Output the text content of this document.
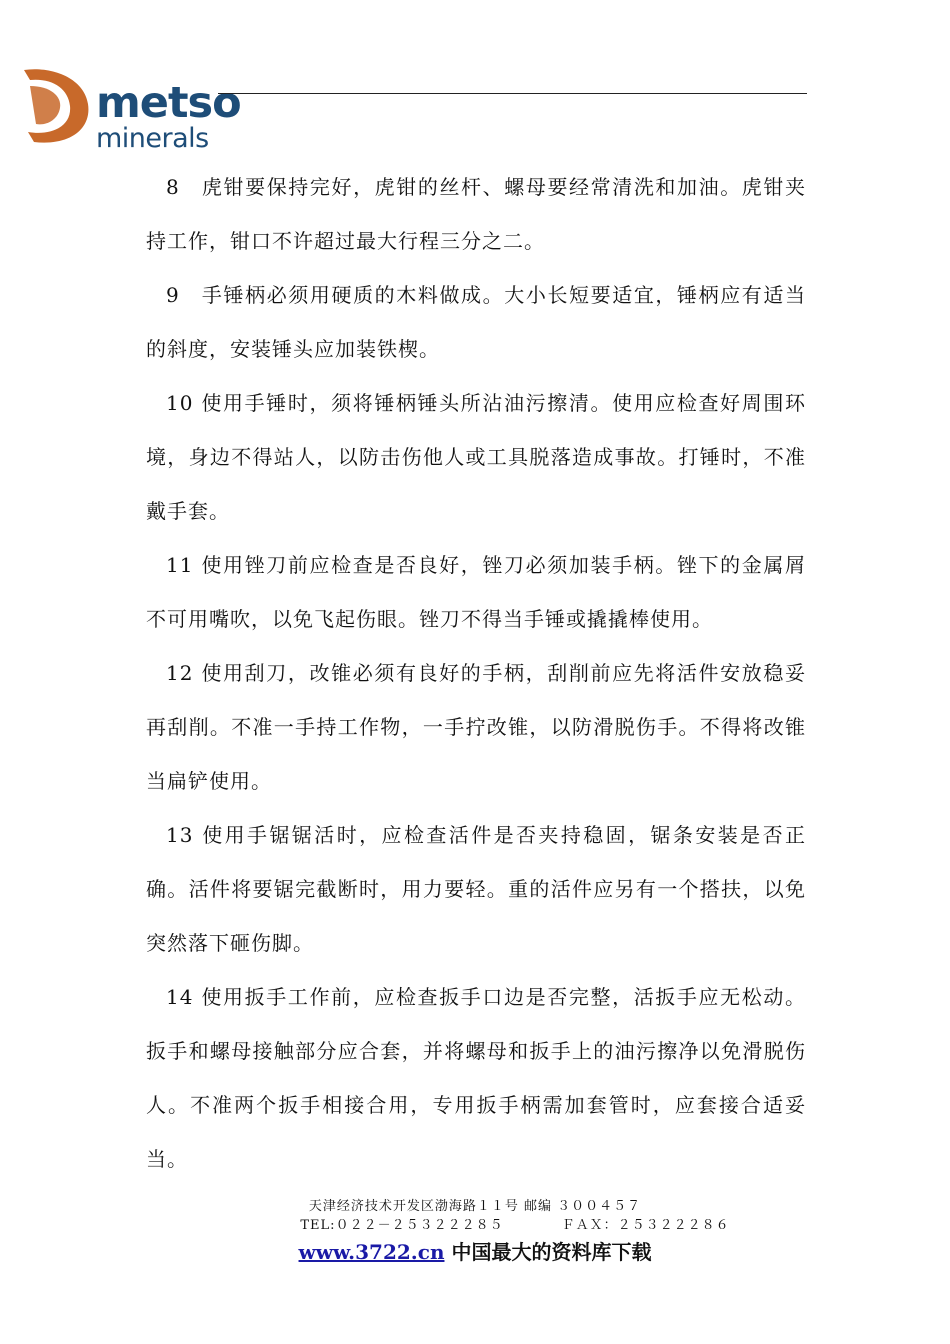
metso
minerals

8　虎钳要保持完好，虎钳的丝杆、螺母要经常清洗和加油。虎钳夹持工作，钳口不许超过最大行程三分之二。

9　手锤柄必须用硬质的木料做成。大小长短要适宜，锤柄应有适当的斜度，安装锤头应加装铁楔。

10 使用手锤时，须将锤柄锤头所沾油污擦清。使用应检查好周围环境，身边不得站人，以防击伤他人或工具脱落造成事故。打锤时，不准戴手套。

11 使用锉刀前应检查是否良好，锉刀必须加装手柄。锉下的金属屑不可用嘴吹，以免飞起伤眼。锉刀不得当手锤或撬撬棒使用。

12 使用刮刀，改锥必须有良好的手柄，刮削前应先将活件安放稳妥再刮削。不准一手持工作物，一手拧改锥，以防滑脱伤手。不得将改锥当扁铲使用。

13 使用手锯锯活时，应检查活件是否夹持稳固，锯条安装是否正确。活件将要锯完截断时，用力要轻。重的活件应另有一个搭扶，以免突然落下砸伤脚。

14 使用扳手工作前，应检查扳手口边是否完整，活扳手应无松动。扳手和螺母接触部分应合套，并将螺母和扳手上的油污擦净以免滑脱伤人。不准两个扳手相接合用，专用扳手柄需加套管时，应套接合适妥当。

天津经济技术开发区渤海路１１号 邮编 ３００４５７
TEL:０２２－２５３２２２８５	ＦＡＸ：２５３２２２８６
www.3722.cn 中国最大的资料库下载
